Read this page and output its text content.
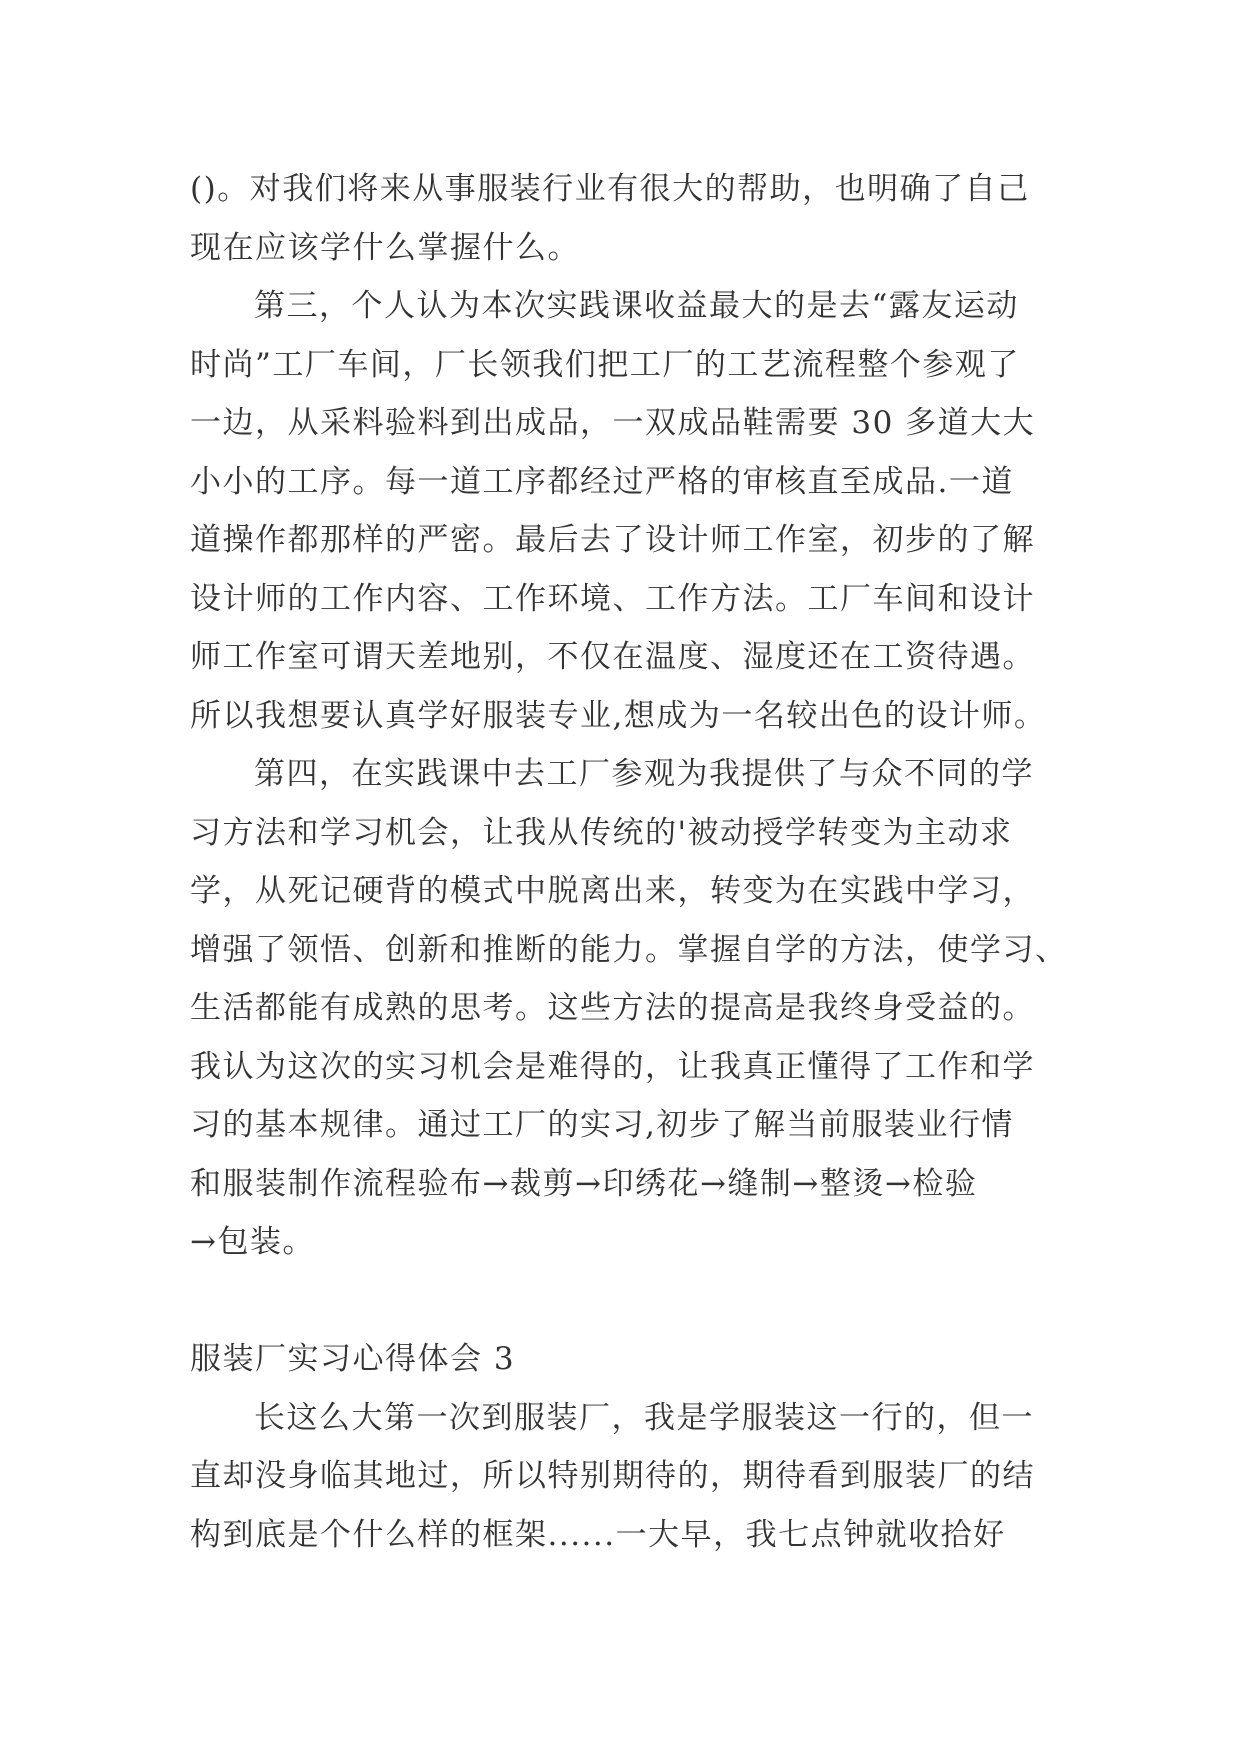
()。对我们将来从事服装行业有很大的帮助，也明确了自己
现在应该学什么掌握什么。
第三，个人认为本次实践课收益最大的是去“露友运动
时尚”工厂车间，厂长领我们把工厂的工艺流程整个参观了
一边，从采料验料到出成品，一双成品鞋需要 30 多道大大
小小的工序。每一道工序都经过严格的审核直至成品.一道
道操作都那样的严密。最后去了设计师工作室，初步的了解
设计师的工作内容、工作环境、工作方法。工厂车间和设计
师工作室可谓天差地别，不仅在温度、湿度还在工资待遇。
所以我想要认真学好服装专业,想成为一名较出色的设计师。
第四，在实践课中去工厂参观为我提供了与众不同的学
习方法和学习机会，让我从传统的'被动授学转变为主动求
学，从死记硬背的模式中脱离出来，转变为在实践中学习，
增强了领悟、创新和推断的能力。掌握自学的方法，使学习、
生活都能有成熟的思考。这些方法的提高是我终身受益的。
我认为这次的实习机会是难得的，让我真正懂得了工作和学
习的基本规律。通过工厂的实习,初步了解当前服装业行情
和服装制作流程验布→裁剪→印绣花→缝制→整烫→检验
→包装。
服装厂实习心得体会 3
长这么大第一次到服装厂，我是学服装这一行的，但一
直却没身临其地过，所以特别期待的，期待看到服装厂的结
构到底是个什么样的框架......一大早，我七点钟就收拾好
